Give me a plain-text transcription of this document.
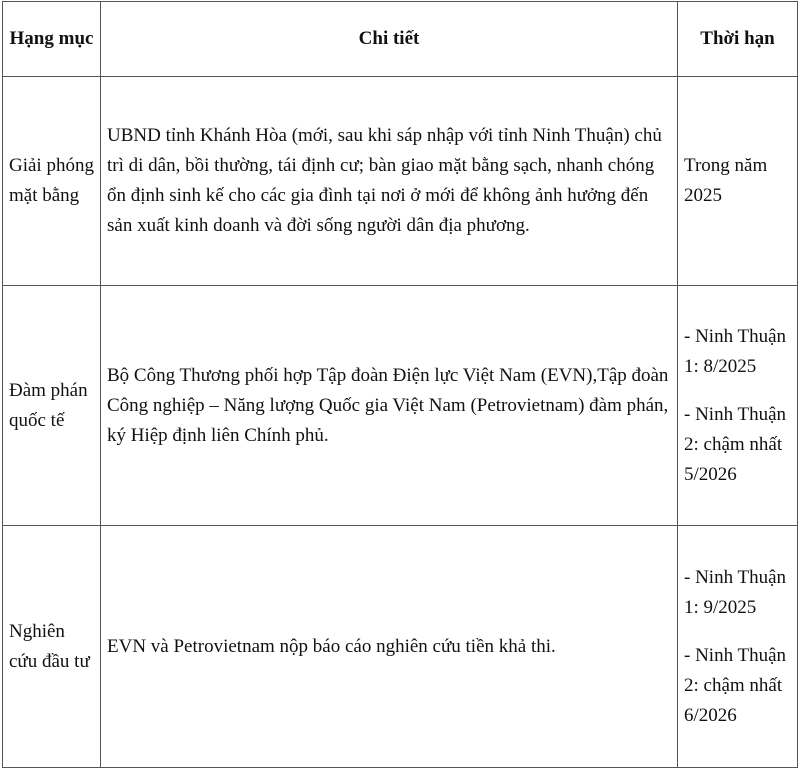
Hạng mục	Chi tiết	Thời hạn
Giải phóng mặt bằng	UBND tỉnh Khánh Hòa (mới, sau khi sáp nhập với tỉnh Ninh Thuận) chủ trì di dân, bồi thường, tái định cư; bàn giao mặt bằng sạch, nhanh chóng ổn định sinh kế cho các gia đình tại nơi ở mới để không ảnh hưởng đến sản xuất kinh doanh và đời sống người dân địa phương.	Trong năm 2025

Đàm phán quốc tế	Bộ Công Thương phối hợp Tập đoàn Điện lực Việt Nam (EVN),Tập đoàn Công nghiệp – Năng lượng Quốc gia Việt Nam (Petrovietnam) đàm phán, ký Hiệp định liên Chính phủ.	- Ninh Thuận 1: 8/2025
- Ninh Thuận 2: chậm nhất 5/2026

Nghiên cứu đầu tư	EVN và Petrovietnam nộp báo cáo nghiên cứu tiền khả thi.	- Ninh Thuận 1: 9/2025
- Ninh Thuận 2: chậm nhất 6/2026
